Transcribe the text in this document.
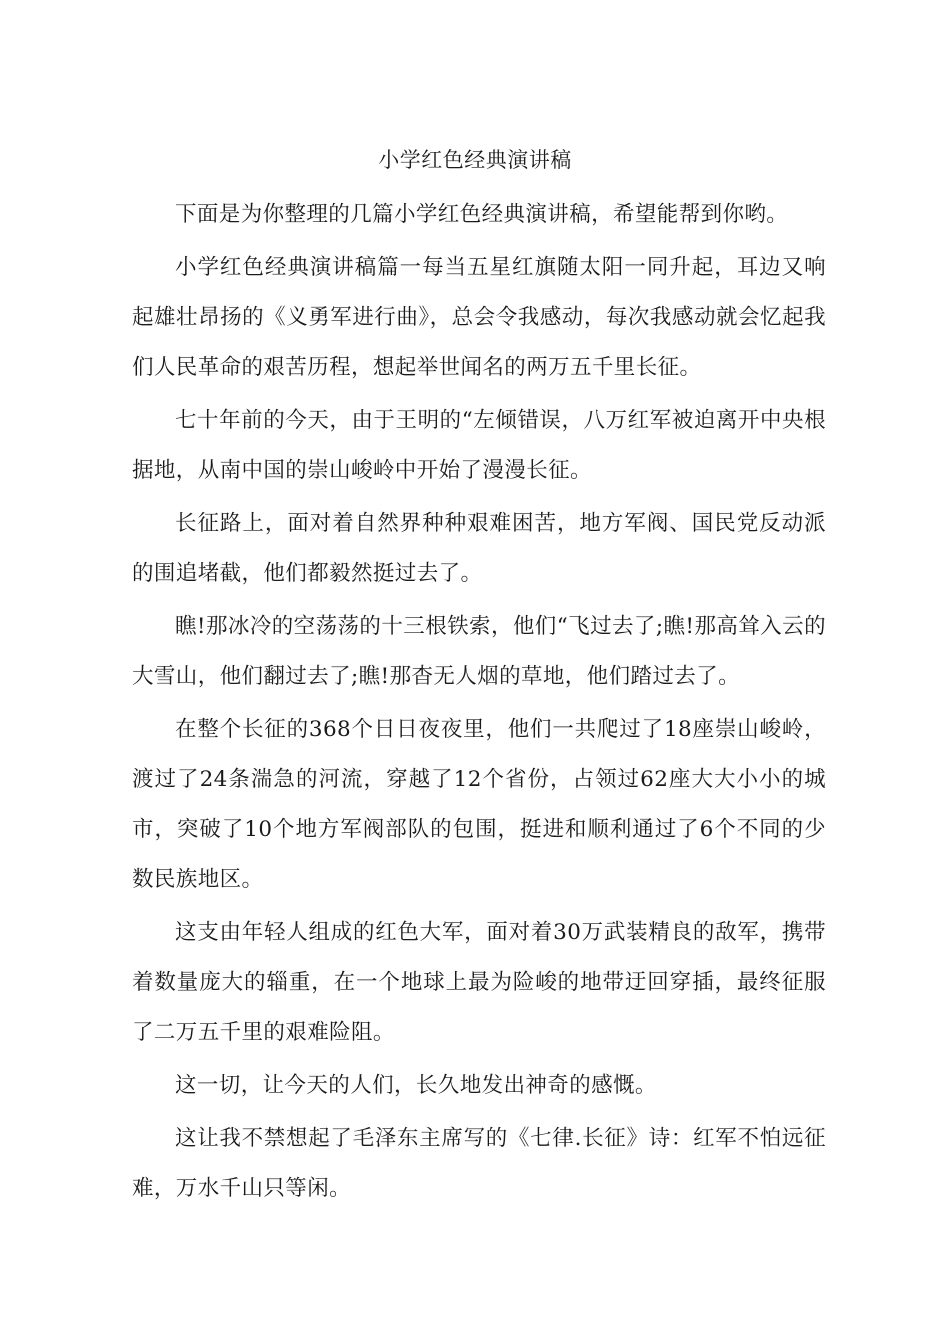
小学红色经典演讲稿

下面是为你整理的几篇小学红色经典演讲稿，希望能帮到你哟。

小学红色经典演讲稿篇一每当五星红旗随太阳一同升起，耳边又响起雄壮昂扬的《义勇军进行曲》，总会令我感动，每次我感动就会忆起我们人民革命的艰苦历程，想起举世闻名的两万五千里长征。

七十年前的今天，由于王明的“左倾错误，八万红军被迫离开中央根据地，从南中国的崇山峻岭中开始了漫漫长征。

长征路上，面对着自然界种种艰难困苦，地方军阀、国民党反动派的围追堵截，他们都毅然挺过去了。

瞧!那冰冷的空荡荡的十三根铁索，他们“飞过去了;瞧!那高耸入云的大雪山，他们翻过去了;瞧!那杳无人烟的草地，他们踏过去了。

在整个长征的368个日日夜夜里，他们一共爬过了18座崇山峻岭，渡过了24条湍急的河流，穿越了12个省份，占领过62座大大小小的城市，突破了10个地方军阀部队的包围，挺进和顺利通过了6个不同的少数民族地区。

这支由年轻人组成的红色大军，面对着30万武装精良的敌军，携带着数量庞大的辎重，在一个地球上最为险峻的地带迂回穿插，最终征服了二万五千里的艰难险阻。

这一切，让今天的人们，长久地发出神奇的感慨。

这让我不禁想起了毛泽东主席写的《七律.长征》诗：红军不怕远征难，万水千山只等闲。
